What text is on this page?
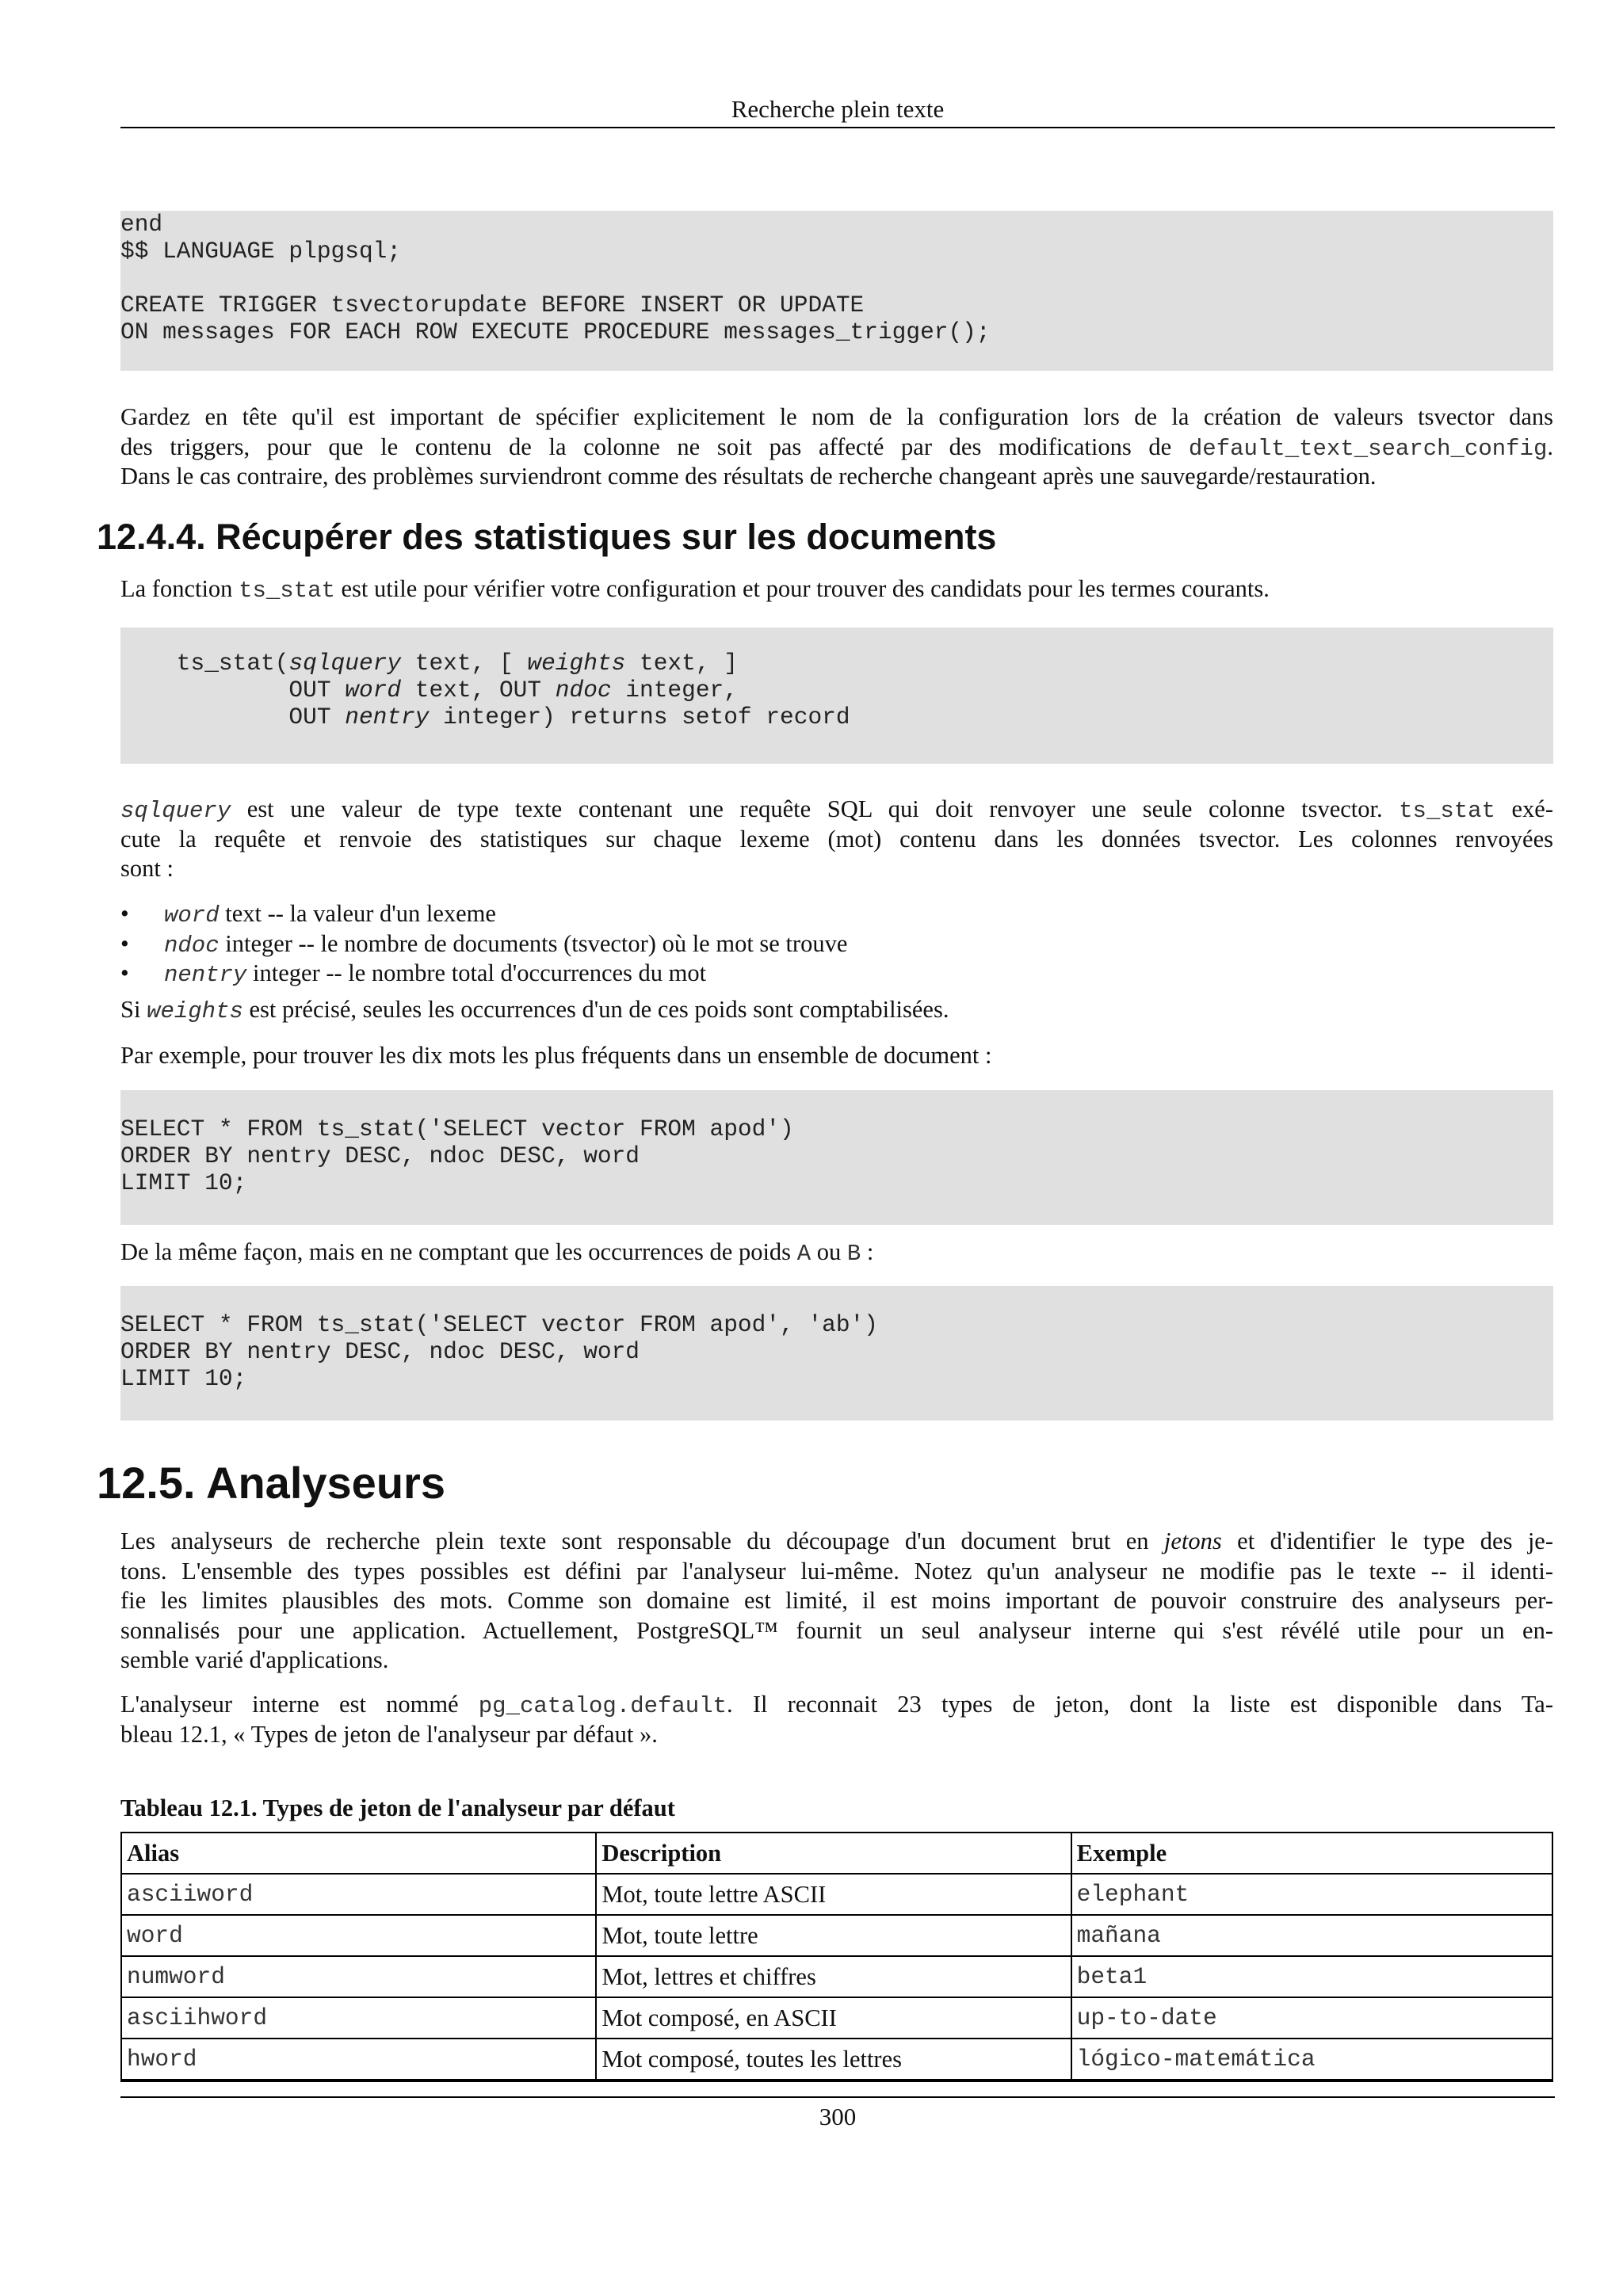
Recherche plein texte
end
$$ LANGUAGE plpgsql;

CREATE TRIGGER tsvectorupdate BEFORE INSERT OR UPDATE
ON messages FOR EACH ROW EXECUTE PROCEDURE messages_trigger();
Gardez en tête qu'il est important de spécifier explicitement le nom de la configuration lors de la création de valeurs tsvector dans
des triggers, pour que le contenu de la colonne ne soit pas affecté par des modifications de default_text_search_config.
Dans le cas contraire, des problèmes surviendront comme des résultats de recherche changeant après une sauvegarde/restauration.
12.4.4. Récupérer des statistiques sur les documents
La fonction ts_stat est utile pour vérifier votre configuration et pour trouver des candidats pour les termes courants.
ts_stat(sqlquery text, [ weights text, ]
OUT word text, OUT ndoc integer,
OUT nentry integer) returns setof record
sqlquery est une valeur de type texte contenant une requête SQL qui doit renvoyer une seule colonne tsvector. ts_stat exé-
cute la requête et renvoie des statistiques sur chaque lexeme (mot) contenu dans les données tsvector. Les colonnes renvoyées
sont :
• word text -- la valeur d'un lexeme
• ndoc integer -- le nombre de documents (tsvector) où le mot se trouve
• nentry integer -- le nombre total d'occurrences du mot
Si weights est précisé, seules les occurrences d'un de ces poids sont comptabilisées.
Par exemple, pour trouver les dix mots les plus fréquents dans un ensemble de document :
SELECT * FROM ts_stat('SELECT vector FROM apod')
ORDER BY nentry DESC, ndoc DESC, word
LIMIT 10;
De la même façon, mais en ne comptant que les occurrences de poids A ou B :
SELECT * FROM ts_stat('SELECT vector FROM apod', 'ab')
ORDER BY nentry DESC, ndoc DESC, word
LIMIT 10;
12.5. Analyseurs
Les analyseurs de recherche plein texte sont responsable du découpage d'un document brut en jetons et d'identifier le type des je-
tons. L'ensemble des types possibles est défini par l'analyseur lui-même. Notez qu'un analyseur ne modifie pas le texte -- il identi-
fie les limites plausibles des mots. Comme son domaine est limité, il est moins important de pouvoir construire des analyseurs per-
sonnalisés pour une application. Actuellement, PostgreSQL™ fournit un seul analyseur interne qui s'est révélé utile pour un en-
semble varié d'applications.
L'analyseur interne est nommé pg_catalog.default. Il reconnait 23 types de jeton, dont la liste est disponible dans Ta-
bleau 12.1, « Types de jeton de l'analyseur par défaut ».
Tableau 12.1. Types de jeton de l'analyseur par défaut
Alias	Description	Exemple
asciiword	Mot, toute lettre ASCII	elephant
word	Mot, toute lettre	mañana
numword	Mot, lettres et chiffres	beta1
asciihword	Mot composé, en ASCII	up-to-date
hword	Mot composé, toutes les lettres	lógico-matemática
300
